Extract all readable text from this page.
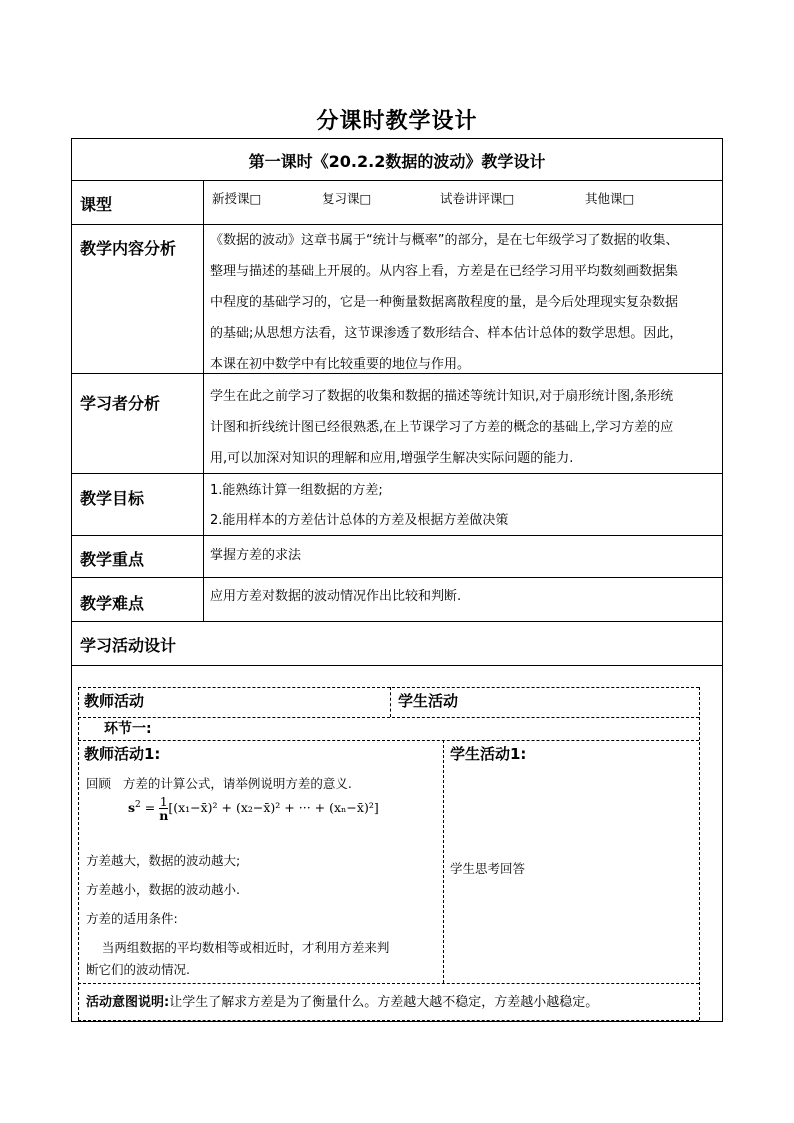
分课时教学设计
第一课时《20.2.2数据的波动》教学设计
课型	新授课□	复习课□	试卷讲评课□	其他课□
教学内容分析	《数据的波动》这章书属于“统计与概率”的部分，是在七年级学习了数据的收集、
整理与描述的基础上开展的。从内容上看，方差是在已经学习用平均数刻画数据集
中程度的基础学习的，它是一种衡量数据离散程度的量，是今后处理现实复杂数据
的基础;从思想方法看，这节课渗透了数形结合、样本估计总体的数学思想。因此，
本课在初中数学中有比较重要的地位与作用。
学习者分析	学生在此之前学习了数据的收集和数据的描述等统计知识,对于扇形统计图,条形统
计图和折线统计图已经很熟悉,在上节课学习了方差的概念的基础上,学习方差的应
用,可以加深对知识的理解和应用,增强学生解决实际问题的能力.
教学目标	1.能熟练计算一组数据的方差;
2.能用样本的方差估计总体的方差及根据方差做决策
教学重点	掌握方差的求法
教学难点	应用方差对数据的波动情况作出比较和判断.
学习活动设计
教师活动	学生活动
环节一:
教师活动1:	学生活动1:
回顾   方差的计算公式，请举例说明方差的意义.
$s^2 = \frac{1}{n}$ [(x₁−x̄)² + (x₂−x̄)² + ··· + (xₙ−x̄)²]
方差越大，数据的波动越大;
方差越小，数据的波动越小.
方差的适用条件:
当两组数据的平均数相等或相近时，才利用方差来判
断它们的波动情况.
学生思考回答
活动意图说明:让学生了解求方差是为了衡量什么。方差越大越不稳定，方差越小越稳定。
